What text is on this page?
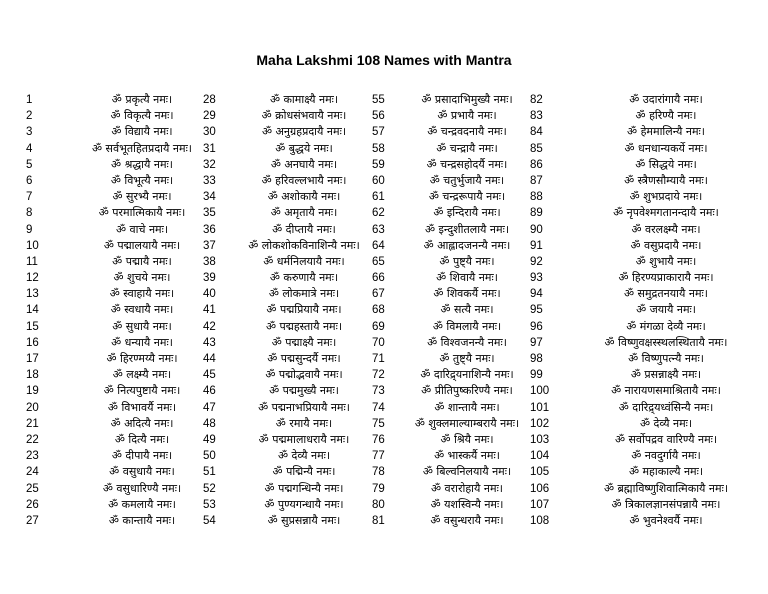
Maha Lakshmi 108 Names with Mantra
1	ॐ प्रकृत्यै नमः।
2	ॐ विकृत्यै नमः।
3	ॐ विद्यायै नमः।
4	ॐ सर्वभूतहितप्रदायै नमः।
5	ॐ श्रद्धायै नमः।
6	ॐ विभूत्यै नमः।
7	ॐ सुरभ्यै नमः।
8	ॐ परमात्मिकायै नमः।
9	ॐ वाचे नमः।
10	ॐ पद्मालयायै नमः।
11	ॐ पद्मायै नमः।
12	ॐ शुचये नमः।
13	ॐ स्वाहायै नमः।
14	ॐ स्वधायै नमः।
15	ॐ सुधायै नमः।
16	ॐ धन्यायै नमः।
17	ॐ हिरण्मय्यै नमः।
18	ॐ लक्ष्म्यै नमः।
19	ॐ नित्यपुष्टायै नमः।
20	ॐ विभावर्यै नमः।
21	ॐ अदित्यै नमः।
22	ॐ दित्यै नमः।
23	ॐ दीपायै नमः।
24	ॐ वसुधायै नमः।
25	ॐ वसुधारिण्यै नमः।
26	ॐ कमलायै नमः।
27	ॐ कान्तायै नमः।
28	ॐ कामाक्ष्यै नमः।
29	ॐ क्रोधसंभवायै नमः।
30	ॐ अनुग्रहप्रदायै नमः।
31	ॐ बुद्धये नमः।
32	ॐ अनघायै नमः।
33	ॐ हरिवल्लभायै नमः।
34	ॐ अशोकायै नमः।
35	ॐ अमृतायै नमः।
36	ॐ दीप्तायै नमः।
37	ॐ लोकशोकविनाशिन्यै नमः।
38	ॐ धर्मनिलयायै नमः।
39	ॐ करुणायै नमः।
40	ॐ लोकमात्रे नमः।
41	ॐ पद्मप्रियायै नमः।
42	ॐ पद्महस्तायै नमः।
43	ॐ पद्माक्ष्यै नमः।
44	ॐ पद्मसुन्दर्यै नमः।
45	ॐ पद्मोद्भवायै नमः।
46	ॐ पद्ममुख्यै नमः।
47	ॐ पद्मनाभप्रियायै नमः।
48	ॐ रमायै नमः।
49	ॐ पद्ममालाधरायै नमः।
50	ॐ देव्यै नमः।
51	ॐ पद्मिन्यै नमः।
52	ॐ पद्मगन्धिन्यै नमः।
53	ॐ पुण्यगन्धायै नमः।
54	ॐ सुप्रसन्नायै नमः।
55	ॐ प्रसादाभिमुख्यै नमः।
56	ॐ प्रभायै नमः।
57	ॐ चन्द्रवदनायै नमः।
58	ॐ चन्द्रायै नमः।
59	ॐ चन्द्रसहोदर्यै नमः।
60	ॐ चतुर्भुजायै नमः।
61	ॐ चन्द्ररूपायै नमः।
62	ॐ इन्दिरायै नमः।
63	ॐ इन्दुशीतलायै नमः।
64	ॐ आह्लादजनन्यै नमः।
65	ॐ पुष्ट्यै नमः।
66	ॐ शिवायै नमः।
67	ॐ शिवकर्यै नमः।
68	ॐ सत्यै नमः।
69	ॐ विमलायै नमः।
70	ॐ विश्वजनन्यै नमः।
71	ॐ तुष्ट्यै नमः।
72	ॐ दारिद्र्यनाशिन्यै नमः।
73	ॐ प्रीतिपुष्करिण्यै नमः।
74	ॐ शान्तायै नमः।
75	ॐ शुक्लमाल्याम्बरायै नमः।
76	ॐ श्रियै नमः।
77	ॐ भास्कर्यै नमः।
78	ॐ बिल्वनिलयायै नमः।
79	ॐ वरारोहायै नमः।
80	ॐ यशस्विन्यै नमः।
81	ॐ वसुन्धरायै नमः।
82	ॐ उदारांगायै नमः।
83	ॐ हरिण्यै नमः।
84	ॐ हेममालिन्यै नमः।
85	ॐ धनधान्यकर्ये नमः।
86	ॐ सिद्धये नमः।
87	ॐ स्त्रैणसौम्यायै नमः।
88	ॐ शुभप्रदाये नमः।
89	ॐ नृपवेश्मगतानन्दायै नमः।
90	ॐ वरलक्ष्म्यै नमः।
91	ॐ वसुप्रदायै नमः।
92	ॐ शुभायै नमः।
93	ॐ हिरण्यप्राकारायै नमः।
94	ॐ समुद्रतनयायै नमः।
95	ॐ जयायै नमः।
96	ॐ मंगळा देव्यै नमः।
97	ॐ विष्णुवक्षस्स्थलस्थितायै नमः।
98	ॐ विष्णुपत्न्यै नमः।
99	ॐ प्रसन्नाक्ष्यै नमः।
100	ॐ नारायणसमाश्रितायै नमः।
101	ॐ दारिद्र्यध्वंसिन्यै नमः।
102	ॐ देव्यै नमः।
103	ॐ सर्वोपद्रव वारिण्यै नमः।
104	ॐ नवदुर्गायै नमः।
105	ॐ महाकाल्यै नमः।
106	ॐ ब्रह्माविष्णुशिवात्मिकायै नमः।
107	ॐ त्रिकालज्ञानसंपन्नायै नमः।
108	ॐ भुवनेश्वर्यै नमः।
